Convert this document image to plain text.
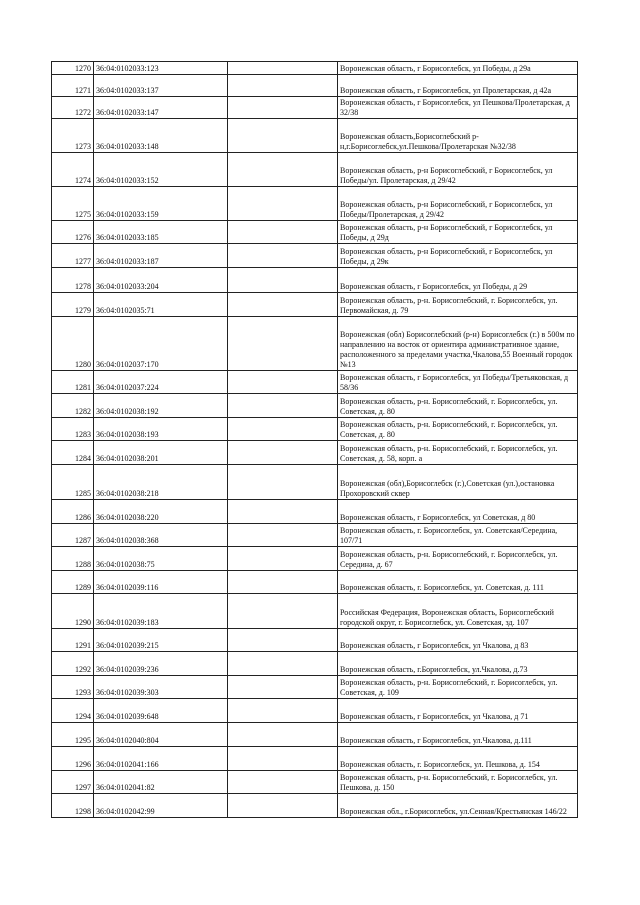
1270	36:04:0102033:123		Воронежская область, г Борисоглебск, ул Победы, д 29а
1271	36:04:0102033:137		Воронежская область, г Борисоглебск, ул Пролетарская, д 42а
1272	36:04:0102033:147		Воронежская область, г Борисоглебск, ул Пешкова/Пролетарская, д 32/38
1273	36:04:0102033:148		Воронежская область,Борисоглебский р-н,г.Борисоглебск,ул.Пешкова/Пролетарская №32/38
1274	36:04:0102033:152		Воронежская область, р-н Борисоглебский, г Борисоглебск, ул Победы/ул. Пролетарская, д 29/42
1275	36:04:0102033:159		Воронежская область, р-н Борисоглебский, г Борисоглебск, ул Победы/Пролетарская, д 29/42
1276	36:04:0102033:185		Воронежская область, р-н Борисоглебский, г Борисоглебск, ул Победы, д 29д
1277	36:04:0102033:187		Воронежская область, р-н Борисоглебский, г Борисоглебск, ул Победы, д 29к
1278	36:04:0102033:204		Воронежская область, г Борисоглебск, ул Победы, д 29
1279	36:04:0102035:71		Воронежская область, р-н. Борисоглебский, г. Борисоглебск, ул. Первомайская, д. 79
1280	36:04:0102037:170		Воронежская (обл) Борисоглебский (р-н) Борисоглебск (г.) в 500м по направлению на восток от ориентира административное здание, расположенного за пределами участка,Чкалова,55 Военный городок №13
1281	36:04:0102037:224		Воронежская область, г Борисоглебск, ул Победы/Третьяковская, д 58/36
1282	36:04:0102038:192		Воронежская область, р-н. Борисоглебский, г. Борисоглебск, ул. Советская, д. 80
1283	36:04:0102038:193		Воронежская область, р-н. Борисоглебский, г. Борисоглебск, ул. Советская, д. 80
1284	36:04:0102038:201		Воронежская область, р-н. Борисоглебский, г. Борисоглебск, ул. Советская, д. 58, корп. а
1285	36:04:0102038:218		Воронежская (обл),Борисоглебск (г.),Советская (ул.),остановка Прохоровский сквер
1286	36:04:0102038:220		Воронежская область, г Борисоглебск, ул Советская, д 80
1287	36:04:0102038:368		Воронежская область, г. Борисоглебск, ул. Советская/Середина, 107/71
1288	36:04:0102038:75		Воронежская область, р-н. Борисоглебский, г. Борисоглебск, ул. Середина, д. 67
1289	36:04:0102039:116		Воронежская область, г. Борисоглебск, ул. Советская, д. 111
1290	36:04:0102039:183		Российская Федерация, Воронежская область, Борисоглебский городской округ, г. Борисоглебск, ул. Советская, зд. 107
1291	36:04:0102039:215		Воронежская область, г Борисоглебск, ул Чкалова, д 83
1292	36:04:0102039:236		Воронежская область, г.Борисоглебск, ул.Чкалова, д.73
1293	36:04:0102039:303		Воронежская область, р-н. Борисоглебский, г. Борисоглебск, ул. Советская, д. 109
1294	36:04:0102039:648		Воронежская область, г Борисоглебск, ул Чкалова, д 71
1295	36:04:0102040:804		Воронежская область, г Борисоглебск, ул.Чкалова, д.111
1296	36:04:0102041:166		Воронежская область, г. Борисоглебск, ул. Пешкова, д. 154
1297	36:04:0102041:82		Воронежская область, р-н. Борисоглебский, г. Борисоглебск, ул. Пешкова, д. 150
1298	36:04:0102042:99		Воронежская обл., г.Борисоглебск, ул.Сенная/Крестьянская 146/22
